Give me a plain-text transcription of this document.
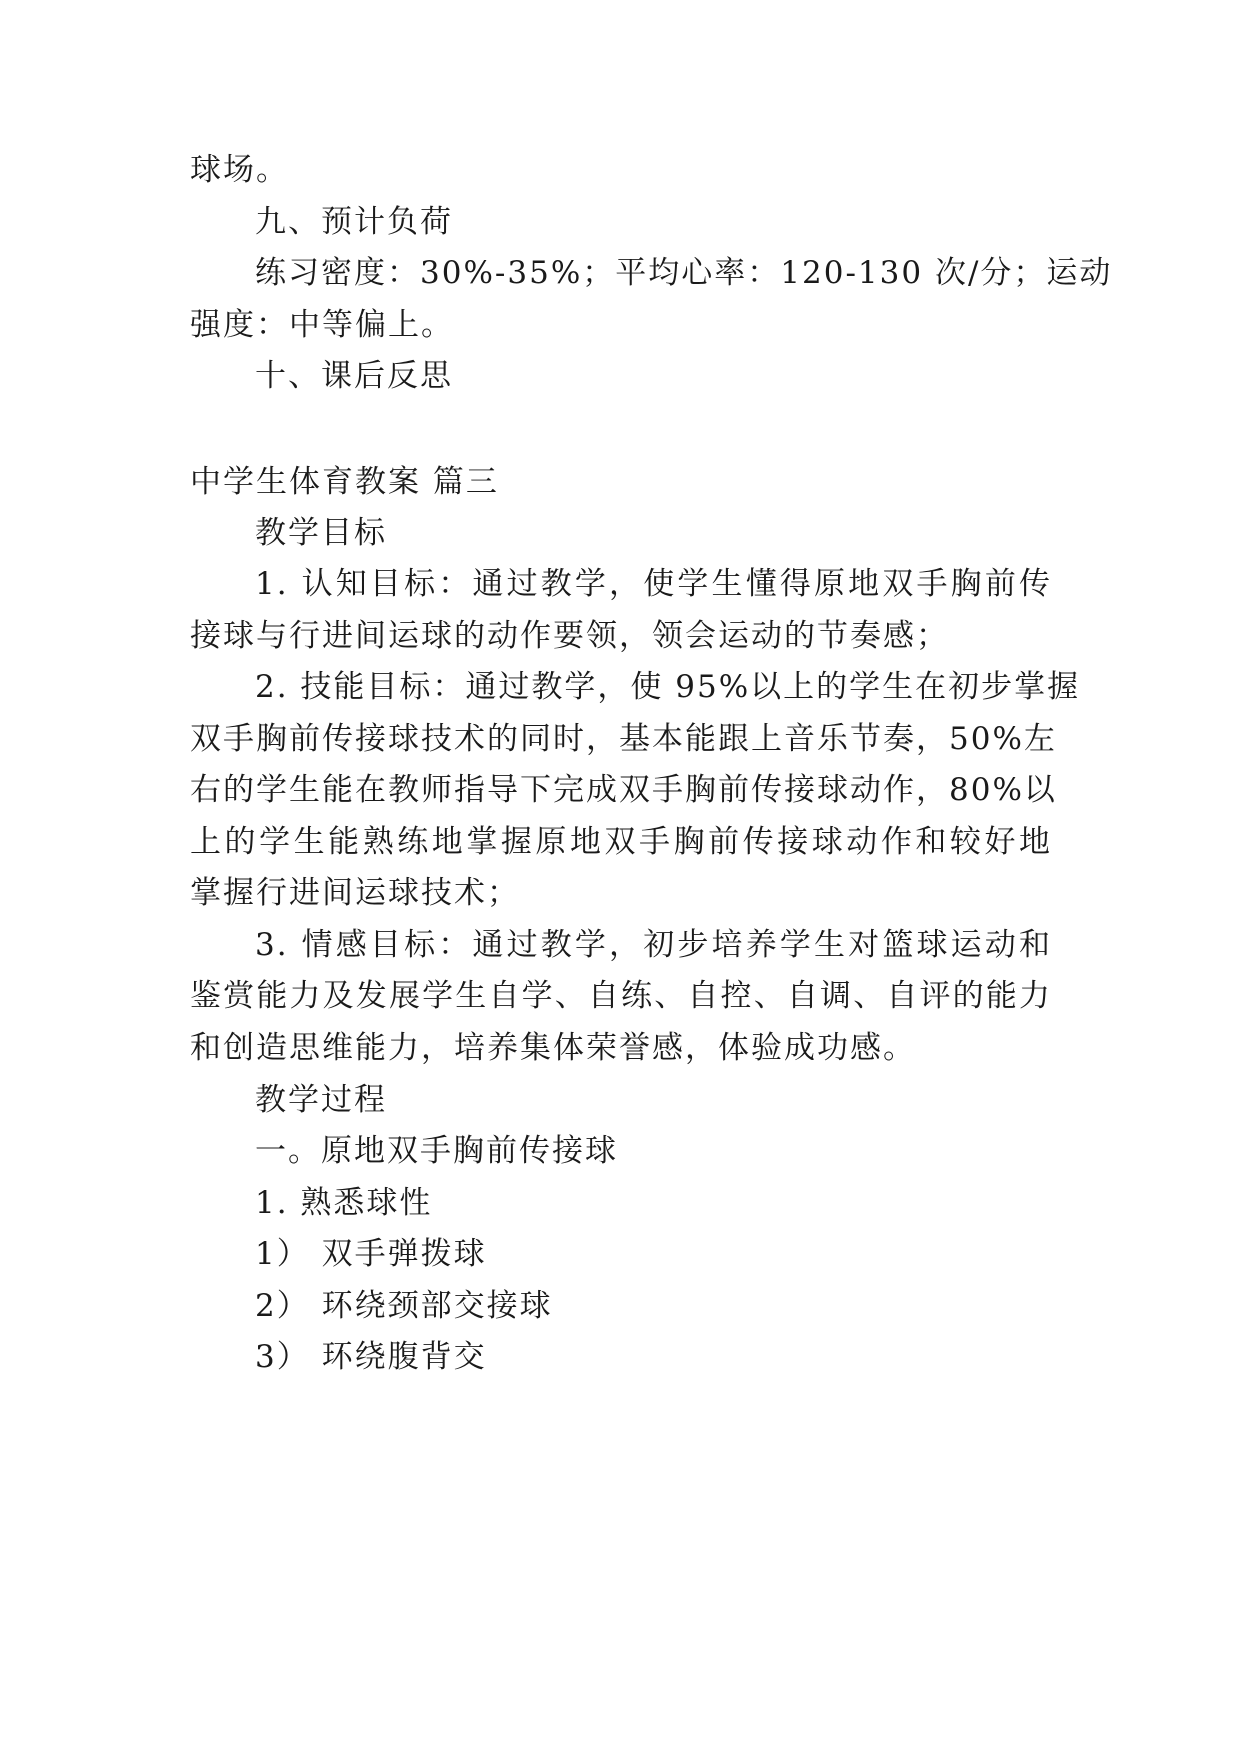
球场。
九、预计负荷
练习密度：30%-35%；平均心率：120-130 次/分；运动
强度：中等偏上。
十、课后反思
中学生体育教案 篇三
教学目标
1. 认知目标：通过教学，使学生懂得原地双手胸前传
接球与行进间运球的动作要领，领会运动的节奏感；
2. 技能目标：通过教学，使 95%以上的学生在初步掌握
双手胸前传接球技术的同时，基本能跟上音乐节奏，50%左
右的学生能在教师指导下完成双手胸前传接球动作，80%以
上的学生能熟练地掌握原地双手胸前传接球动作和较好地
掌握行进间运球技术；
3. 情感目标：通过教学，初步培养学生对篮球运动和
鉴赏能力及发展学生自学、自练、自控、自调、自评的能力
和创造思维能力，培养集体荣誉感，体验成功感。
教学过程
一。原地双手胸前传接球
1. 熟悉球性
1） 双手弹拨球
2） 环绕颈部交接球
3） 环绕腹背交
